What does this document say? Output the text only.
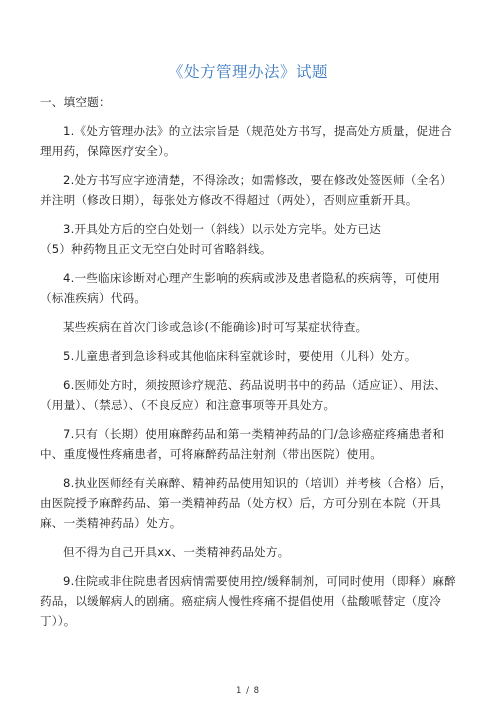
《处方管理办法》试题
一、填空题：
1.《处方管理办法》的立法宗旨是（规范处方书写，提高处方质量，促进合理用药，保障医疗安全）。
2.处方书写应字迹清楚，不得涂改；如需修改，要在修改处签医师（全名）并注明（修改日期），每张处方修改不得超过（两处），否则应重新开具。
3.开具处方后的空白处划一（斜线）以示处方完毕。处方已达
（5）种药物且正文无空白处时可省略斜线。
4.一些临床诊断对心理产生影响的疾病或涉及患者隐私的疾病等，可使用（标准疾病）代码。
某些疾病在首次门诊或急诊(不能确诊)时可写某症状待查。
5.儿童患者到急诊科或其他临床科室就诊时，要使用（儿科）处方。
6.医师处方时，须按照诊疗规范、药品说明书中的药品（适应证）、用法、（用量）、（禁忌）、（不良反应）和注意事项等开具处方。
7.只有（长期）使用麻醉药品和第一类精神药品的门/急诊癌症疼痛患者和中、重度慢性疼痛患者，可将麻醉药品注射剂（带出医院）使用。
8.执业医师经有关麻醉、精神药品使用知识的（培训）并考核（合格）后，由医院授予麻醉药品、第一类精神药品（处方权）后，方可分别在本院（开具麻、一类精神药品）处方。
但不得为自己开具xx、一类精神药品处方。
9.住院或非住院患者因病情需要使用控/缓释制剂，可同时使用（即释）麻醉药品，以缓解病人的剧痛。癌症病人慢性疼痛不提倡使用（盐酸哌替定（度冷丁））。
1 / 8
